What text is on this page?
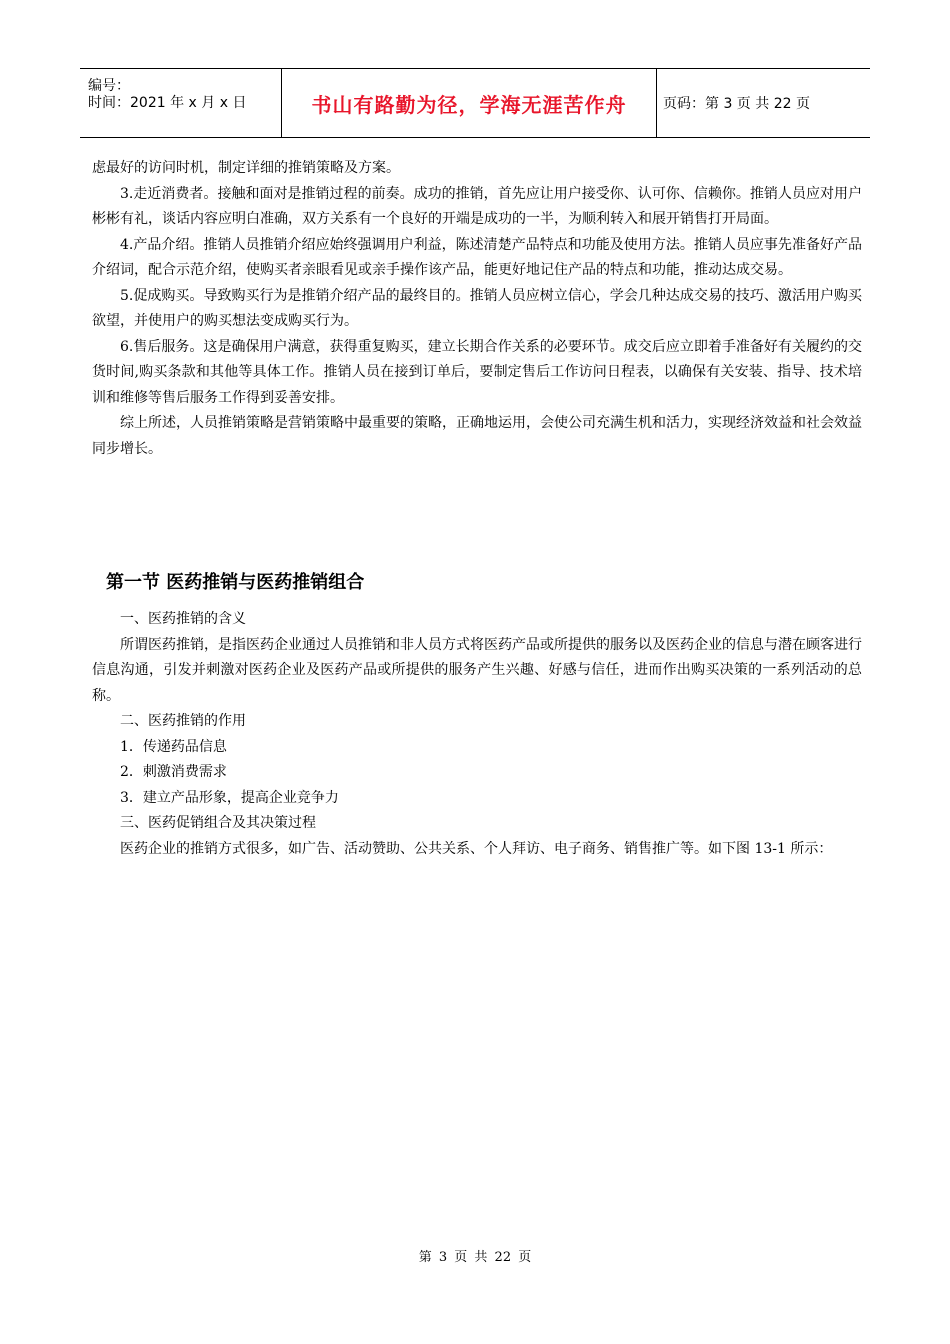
编号：
时间：2021 年 x 月 x 日	书山有路勤为径，学海无涯苦作舟	页码：第 3 页 共 22 页

虑最好的访问时机，制定详细的推销策略及方案。

3.走近消费者。接触和面对是推销过程的前奏。成功的推销，首先应让用户接受你、认可你、信赖你。推销人员应对用户彬彬有礼，谈话内容应明白准确，双方关系有一个良好的开端是成功的一半，为顺利转入和展开销售打开局面。

4.产品介绍。推销人员推销介绍应始终强调用户利益，陈述清楚产品特点和功能及使用方法。推销人员应事先准备好产品介绍词，配合示范介绍，使购买者亲眼看见或亲手操作该产品，能更好地记住产品的特点和功能，推动达成交易。

5.促成购买。导致购买行为是推销介绍产品的最终目的。推销人员应树立信心，学会几种达成交易的技巧、激活用户购买欲望，并使用户的购买想法变成购买行为。

6.售后服务。这是确保用户满意，获得重复购买，建立长期合作关系的必要环节。成交后应立即着手准备好有关履约的交货时间,购买条款和其他等具体工作。推销人员在接到订单后，要制定售后工作访问日程表，以确保有关安装、指导、技术培训和维修等售后服务工作得到妥善安排。

综上所述，人员推销策略是营销策略中最重要的策略，正确地运用，会使公司充满生机和活力，实现经济效益和社会效益同步增长。

第一节 医药推销与医药推销组合

一、医药推销的含义

所谓医药推销，是指医药企业通过人员推销和非人员方式将医药产品或所提供的服务以及医药企业的信息与潜在顾客进行信息沟通，引发并刺激对医药企业及医药产品或所提供的服务产生兴趣、好感与信任，进而作出购买决策的一系列活动的总称。

二、医药推销的作用

1．传递药品信息

2．刺激消费需求

3．建立产品形象，提高企业竞争力

三、医药促销组合及其决策过程

医药企业的推销方式很多，如广告、活动赞助、公共关系、个人拜访、电子商务、销售推广等。如下图 13-1 所示：

第 3 页 共 22 页
